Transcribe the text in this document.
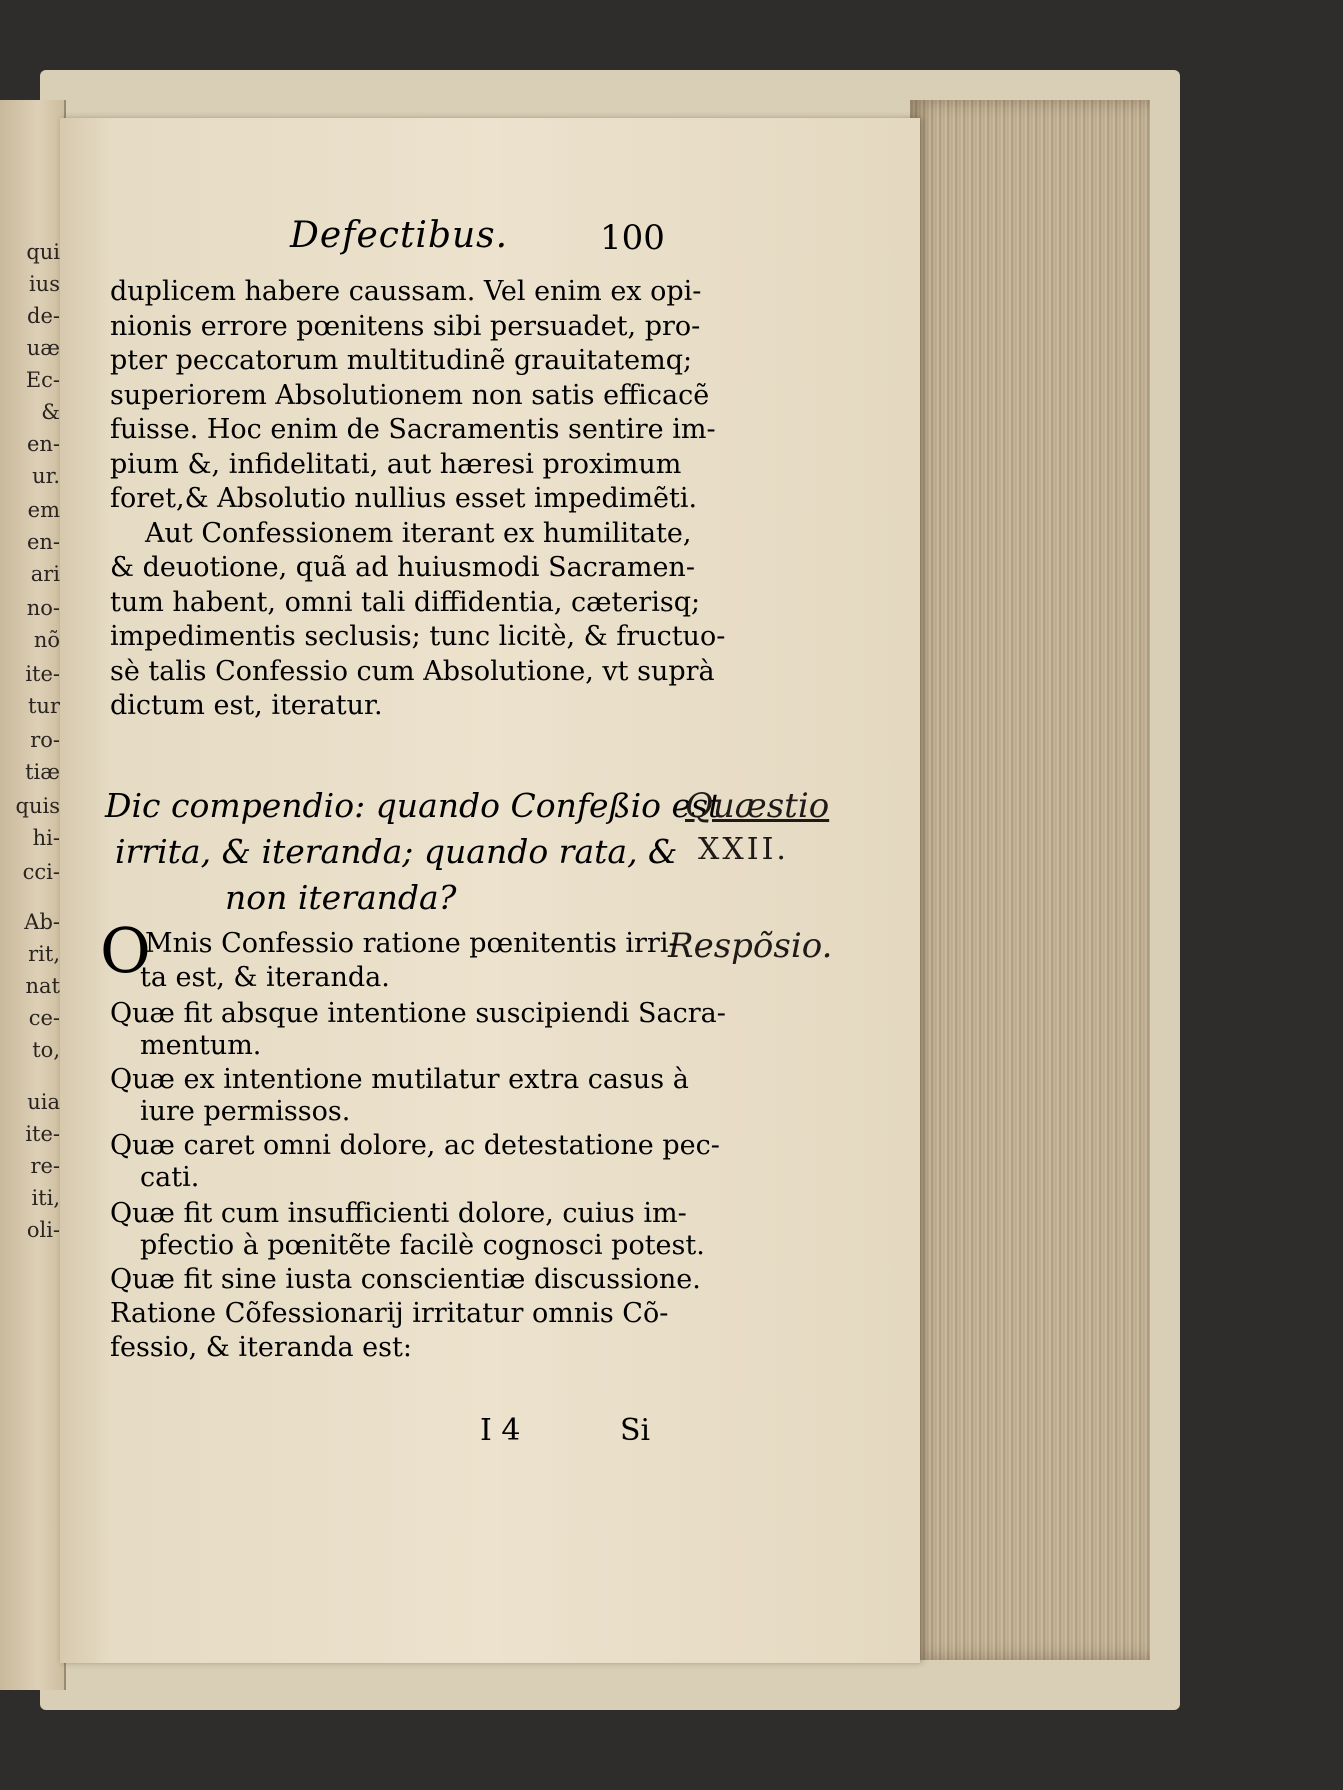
qui
ius
de-
uæ
Ec-
&
en-
ur.
em
en-
ari
no-
nõ
ite-
tur
ro-
tiæ
quis
hi-
cci-
Ab-
rit,
nat
ce-
to,
uia
ite-
re-
iti,
oli-
Defectibus.	100
duplicem habere caussam. Vel enim ex opi-
nionis errore pœnitens sibi persuadet, pro-
pter peccatorum multitudinẽ grauitatemq;
superiorem Absolutionem non satis efficacẽ
fuisse. Hoc enim de Sacramentis sentire im-
pium &, infidelitati, aut hæresi proximum
foret,& Absolutio nullius esset impedimẽti.
Aut Confessionem iterant ex humilitate,
& deuotione, quã ad huiusmodi Sacramen-
tum habent, omni tali diffidentia, cæterisq;
impedimentis seclusis; tunc licitè, & fructuo-
sè talis Confessio cum Absolutione, vt suprà
dictum est, iteratur.
Dic compendio: quando Confeßio est
irrita, & iteranda; quando rata, &
non iteranda?
Quæstio
XXII.
Respõsio.
O
Mnis Confessio ratione pœnitentis irri-
ta est, & iteranda.
Quæ fit absque intentione suscipiendi Sacra-
mentum.
Quæ ex intentione mutilatur extra casus à
iure permissos.
Quæ caret omni dolore, ac detestatione pec-
cati.
Quæ fit cum insufficienti dolore, cuius im-
pfectio à pœnitẽte facilè cognosci potest.
Quæ fit sine iusta conscientiæ discussione.
Ratione Cõfessionarij irritatur omnis Cõ-
fessio, & iteranda est:
I 4	Si
